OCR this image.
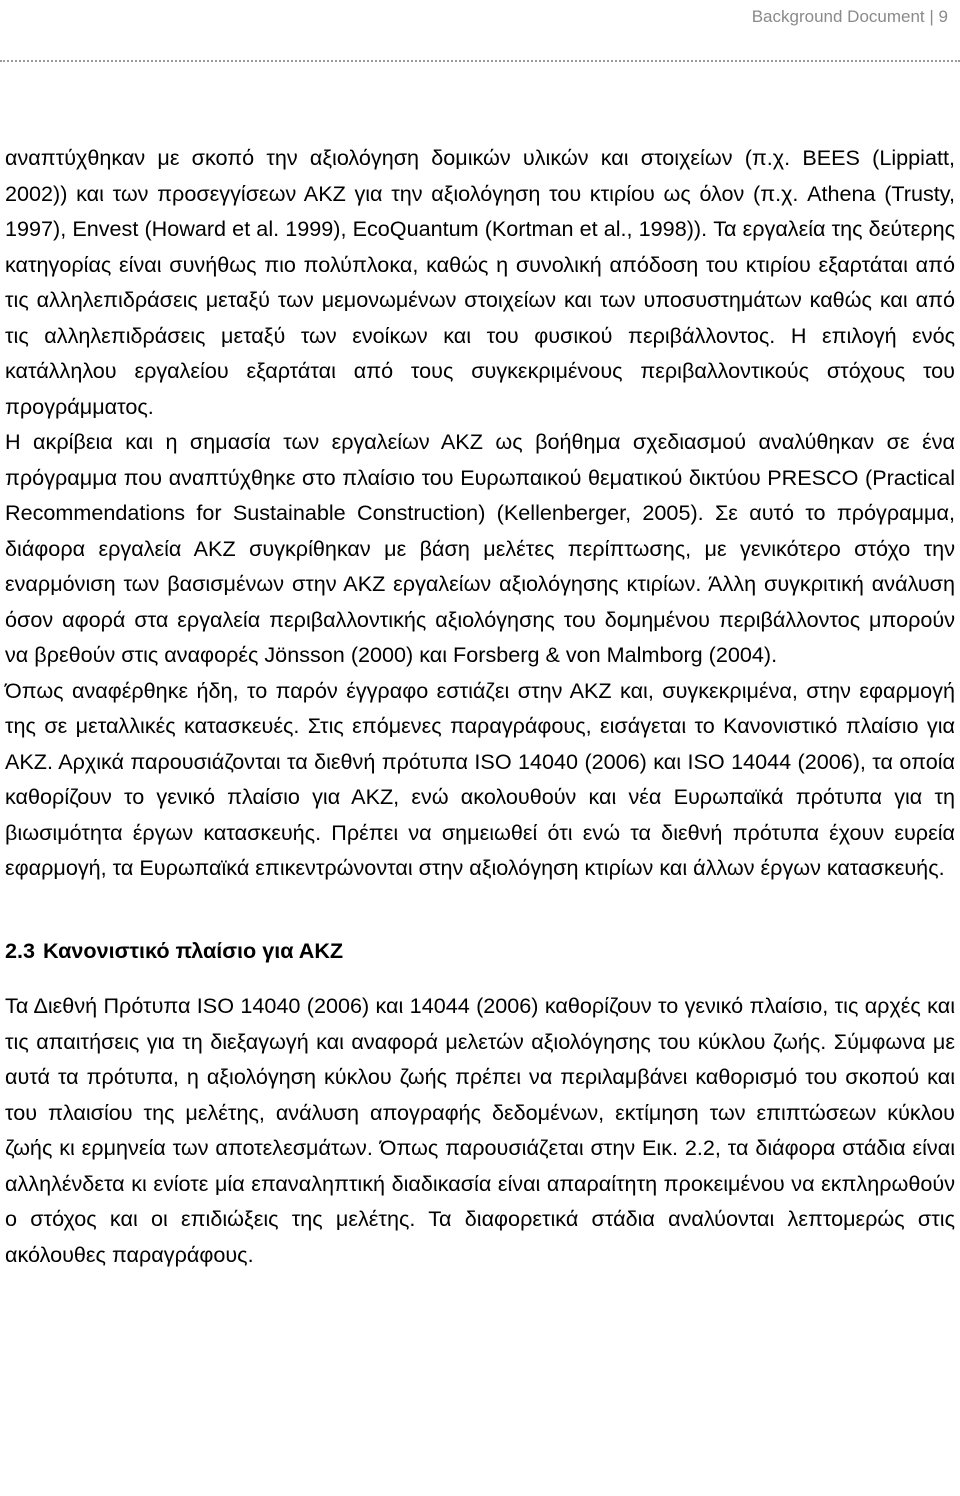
Background Document | 9

αναπτύχθηκαν με σκοπό την αξιολόγηση δομικών υλικών και στοιχείων (π.χ. BEES (Lippiatt, 2002)) και των προσεγγίσεων ΑΚΖ για την αξιολόγηση του κτιρίου ως όλον (π.χ. Athena (Trusty, 1997), Envest (Howard et al. 1999), EcoQuantum (Kortman et al., 1998)). Τα εργαλεία της δεύτερης κατηγορίας είναι συνήθως πιο πολύπλοκα, καθώς η συνολική απόδοση του κτιρίου εξαρτάται από τις αλληλεπιδράσεις μεταξύ των μεμονωμένων στοιχείων και των υποσυστημάτων καθώς και από τις αλληλεπιδράσεις μεταξύ των ενοίκων και του φυσικού περιβάλλοντος. Η επιλογή ενός κατάλληλου εργαλείου εξαρτάται από τους συγκεκριμένους περιβαλλοντικούς στόχους του προγράμματος.

Η ακρίβεια και η σημασία των εργαλείων ΑΚΖ ως βοήθημα σχεδιασμού αναλύθηκαν σε ένα πρόγραμμα που αναπτύχθηκε στο πλαίσιο του Ευρωπαικού θεματικού δικτύου PRESCO (Practical Recommendations for Sustainable Construction) (Kellenberger, 2005). Σε αυτό το πρόγραμμα, διάφορα εργαλεία ΑΚΖ συγκρίθηκαν με βάση μελέτες περίπτωσης, με γενικότερο στόχο την εναρμόνιση των βασισμένων στην ΑΚΖ εργαλείων αξιολόγησης κτιρίων. Άλλη συγκριτική ανάλυση όσον αφορά στα εργαλεία περιβαλλοντικής αξιολόγησης του δομημένου περιβάλλοντος μπορούν να βρεθούν στις αναφορές Jönsson (2000) και Forsberg & von Malmborg (2004).

Όπως αναφέρθηκε ήδη, το παρόν έγγραφο εστιάζει στην ΑΚΖ και, συγκεκριμένα, στην εφαρμογή της σε μεταλλικές κατασκευές. Στις επόμενες παραγράφους, εισάγεται το Κανονιστικό πλαίσιο για ΑΚΖ. Αρχικά παρουσιάζονται τα διεθνή πρότυπα ISO 14040 (2006) και ISO 14044 (2006), τα οποία καθορίζουν το γενικό πλαίσιο για ΑΚΖ, ενώ ακολουθούν και νέα Ευρωπαϊκά πρότυπα για τη βιωσιμότητα έργων κατασκευής. Πρέπει να σημειωθεί ότι ενώ τα διεθνή πρότυπα έχουν ευρεία εφαρμογή, τα Ευρωπαϊκά επικεντρώνονται στην αξιολόγηση κτιρίων και άλλων έργων κατασκευής.

2.3 Κανονιστικό πλαίσιο για ΑΚΖ

Τα Διεθνή Πρότυπα ISO 14040 (2006) και 14044 (2006) καθορίζουν το γενικό πλαίσιο, τις αρχές και τις απαιτήσεις για τη διεξαγωγή και αναφορά μελετών αξιολόγησης του κύκλου ζωής. Σύμφωνα με αυτά τα πρότυπα, η αξιολόγηση κύκλου ζωής πρέπει να περιλαμβάνει καθορισμό του σκοπού και του πλαισίου της μελέτης, ανάλυση απογραφής δεδομένων, εκτίμηση των επιπτώσεων κύκλου ζωής κι ερμηνεία των αποτελεσμάτων. Όπως παρουσιάζεται στην Εικ. 2.2, τα διάφορα στάδια είναι αλληλένδετα κι ενίοτε μία επαναληπτική διαδικασία είναι απαραίτητη προκειμένου να εκπληρωθούν ο στόχος και οι επιδιώξεις της μελέτης. Τα διαφορετικά στάδια αναλύονται λεπτομερώς στις ακόλουθες παραγράφους.
